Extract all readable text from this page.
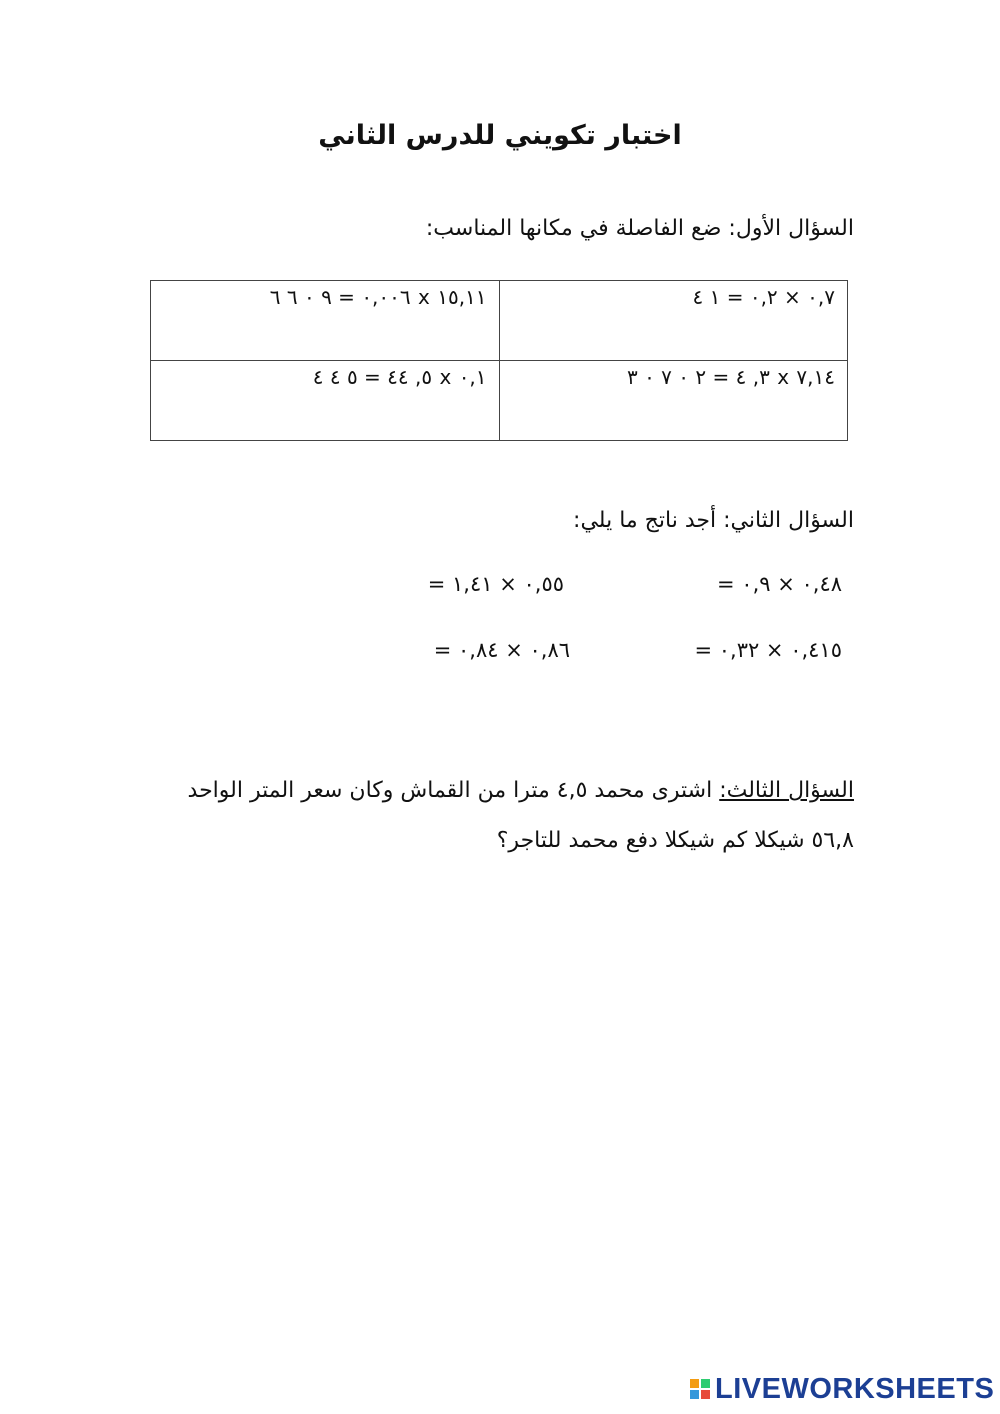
اختبار تكويني للدرس الثاني
السؤال الأول: ضع الفاصلة في مكانها المناسب:
٠,٧ × ٠,٢ = ١ ٤	١٥,١١ x ٠,٠٠٦ = ٩ ٠ ٦ ٦

٧,١٤ x ٣, ٤ = ٢ ٠ ٧ ٠ ٣	٠,١ x ٥, ٤٤ = ٥ ٤ ٤
السؤال الثاني: أجد ناتج ما يلي:
٠,٤٨ × ٠,٩ =
٠,٥٥ × ١,٤١ =
٠,٤١٥ × ٠,٣٢ =
٠,٨٦ × ٠,٨٤ =
السؤال الثالث: اشترى محمد ٤,٥ مترا من القماش وكان سعر المتر الواحد ٥٦,٨ شيكلا كم شيكلا دفع محمد للتاجر؟
LIVEWORKSHEETS
